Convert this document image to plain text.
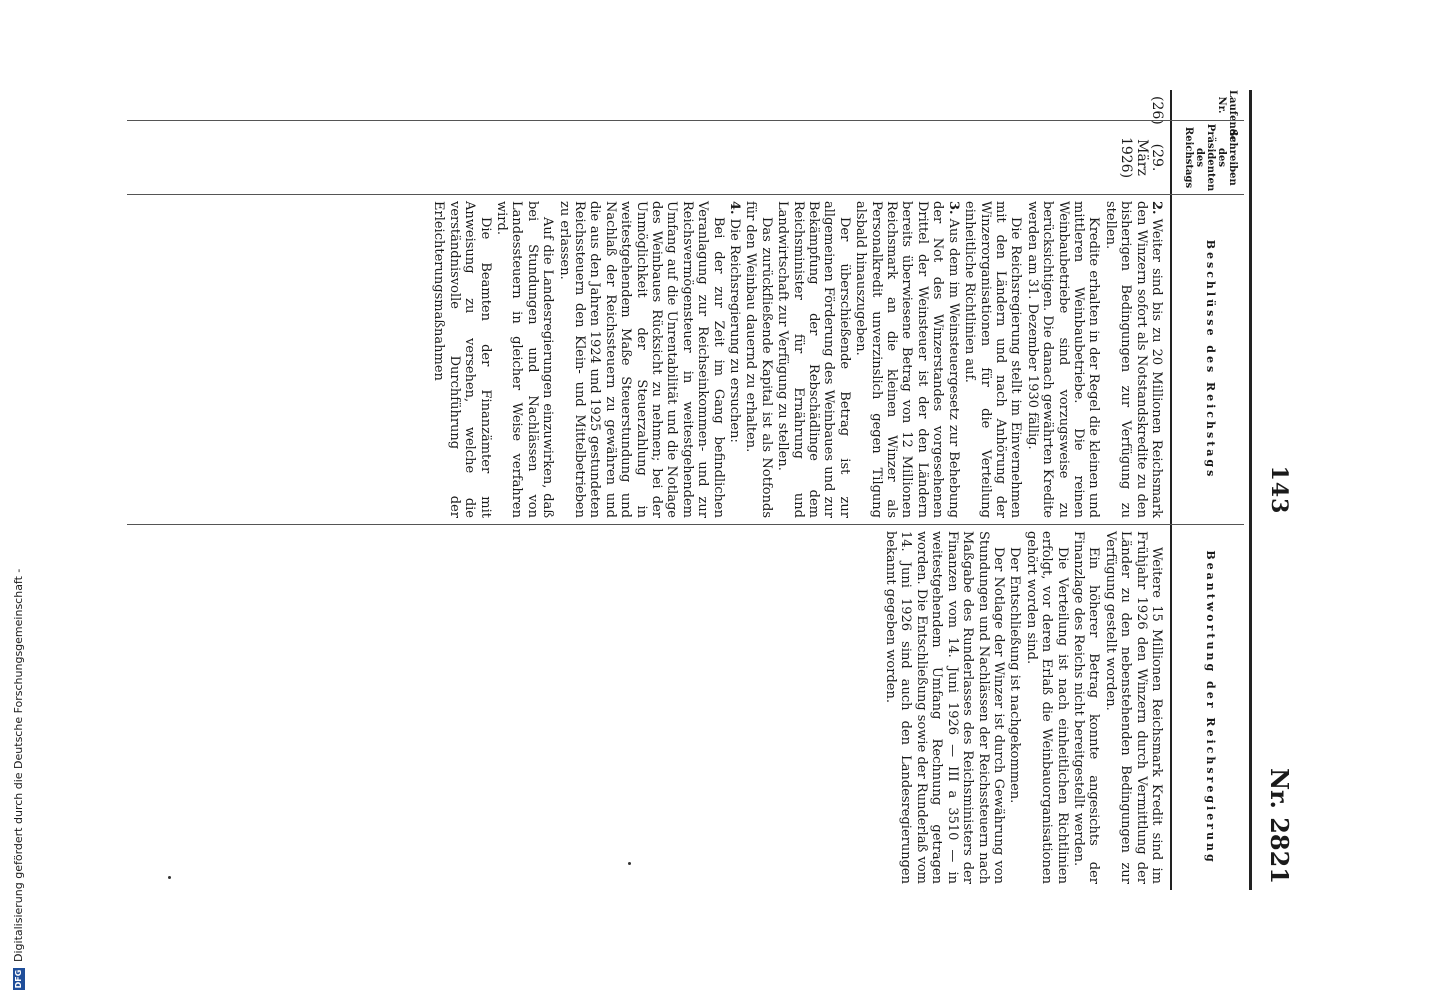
DFG
Digitalisierung gefördert durch die Deutsche Forschungsgemeinschaft -
143
Nr. 2821
Laufende Nr.
Schreiben des Präsidenten des Reichstags
Beschlüsse des Reichstags
Beantwortung der Reichsregierung
(26)
(29. März 1926)

2.Weiter sind bis zu 20 Millionen Reichsmark den Winzern sofort als Notstandskredite zu den bisherigen Bedingungen zur Verfügung zu stellen.

Kredite erhalten in der Regel die kleinen und mittleren Weinbaubetriebe. Die reinen Weinbaubetriebe sind vorzugsweise zu berücksichtigen. Die danach gewährten Kredite werden am 31. Dezember 1930 fällig.

Die Reichsregierung stellt im Einvernehmen mit den Ländern und nach Anhörung der Winzerorganisationen für die Verteilung einheitliche Richtlinien auf.

3.Aus dem im Weinsteuergesetz zur Behebung der Not des Winzerstandes vorgesehenen Drittel der Weinsteuer ist der den Ländern bereits überwiesene Betrag von 12 Millionen Reichsmark an die kleinen Winzer als Personalkredit unverzinslich gegen Tilgung alsbald hinauszugeben.

Der überschießende Betrag ist zur allgemeinen Förderung des Weinbaues und zur Bekämpfung der Rebschädlinge dem Reichsminister für Ernährung und Landwirtschaft zur Verfügung zu stellen.

Das zurückfließende Kapital ist als Notfonds für den Weinbau dauernd zu erhalten.

4.Die Reichsregierung zu ersuchen:

Bei der zur Zeit im Gang befindlichen Veranlagung zur Reichseinkommen- und zur Reichsvermögensteuer in weitestgehendem Umfang auf die Unrentabilität und die Notlage des Weinbaues Rücksicht zu nehmen; bei der Unmöglichkeit der Steuerzahlung in weitestgehendem Maße Steuerstundung und Nachlaß der Reichssteuern zu gewähren und die aus den Jahren 1924 und 1925 gestundeten Reichssteuern den Klein- und Mittelbetrieben zu erlassen.

Auf die Landesregierungen einzuwirken, daß bei Stundungen und Nachlässen von Landessteuern in gleicher Weise verfahren wird.

Die Beamten der Finanzämter mit Anweisung zu versehen, welche die verständnisvolle Durchführung der Erleichterungsmaßnahmen

Weitere 15 Millionen Reichsmark Kredit sind im Frühjahr 1926 den Winzern durch Vermittlung der Länder zu den nebenstehenden Bedingungen zur Verfügung gestellt worden.

Ein höherer Betrag konnte angesichts der Finanzlage des Reichs nicht bereitgestellt werden.

Die Verteilung ist nach einheitlichen Richtlinien erfolgt, vor deren Erlaß die Weinbauorganisationen gehört worden sind.

Der Entschließung ist nachgekommen.

Der Notlage der Winzer ist durch Gewährung von Stundungen und Nachlässen der Reichssteuern nach Maßgabe des Runderlasses des Reichsministers der Finanzen vom 14. Juni 1926 — III a 3510 — in weitestgehendem Umfang Rechnung getragen worden. Die Entschließung sowie der Runderlaß vom 14. Juni 1926 sind auch den Landesregierungen bekannt gegeben worden.
